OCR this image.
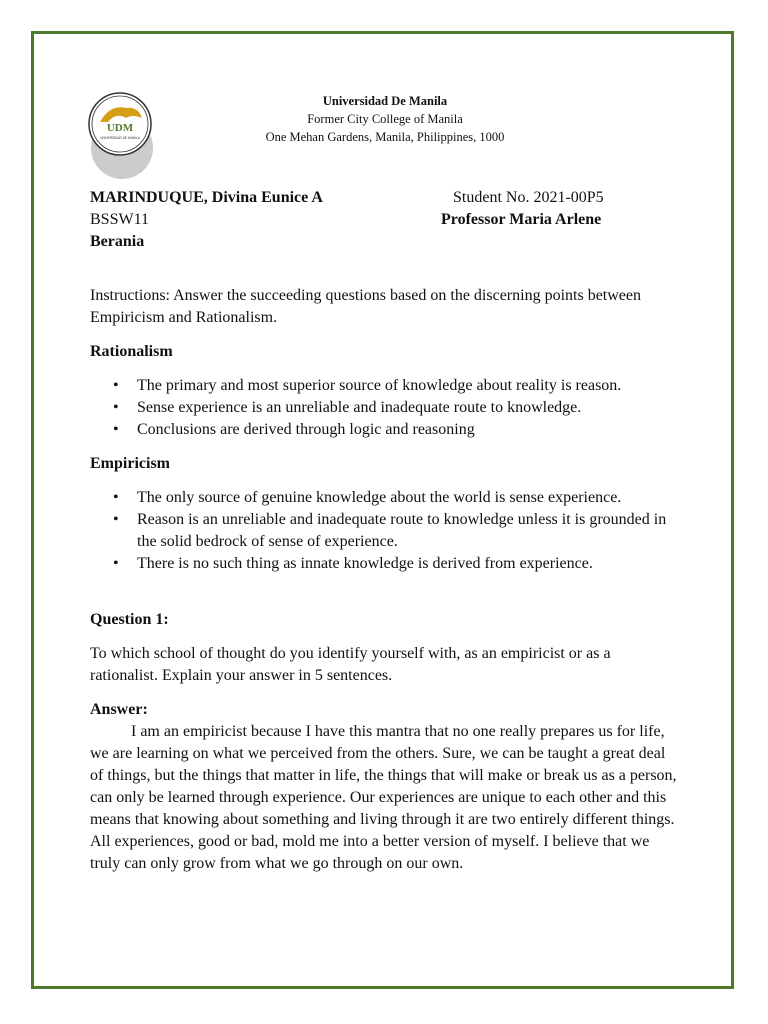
UDM
UNIVERSIDAD DE MANILA
Universidad De Manila
Former City College of Manila
One Mehan Gardens, Manila, Philippines, 1000
MARINDUQUE, Divina Eunice A
BSSW11
Berania
Student No. 2021-00P5
Professor Maria Arlene

Instructions: Answer the succeeding questions based on the discerning points between Empiricism and Rationalism.

Rationalism

• The primary and most superior source of knowledge about reality is reason.
• Sense experience is an unreliable and inadequate route to knowledge.
• Conclusions are derived through logic and reasoning

Empiricism

• The only source of genuine knowledge about the world is sense experience.
• Reason is an unreliable and inadequate route to knowledge unless it is grounded in the solid bedrock of sense of experience.
• There is no such thing as innate knowledge is derived from experience.

Question 1:

To which school of thought do you identify yourself with, as an empiricist or as a rationalist. Explain your answer in 5 sentences.

Answer:

I am an empiricist because I have this mantra that no one really prepares us for life, we are learning on what we perceived from the others. Sure, we can be taught a great deal of things, but the things that matter in life, the things that will make or break us as a person, can only be learned through experience. Our experiences are unique to each other and this means that knowing about something and living through it are two entirely different things. All experiences, good or bad, mold me into a better version of myself. I believe that we truly can only grow from what we go through on our own.
